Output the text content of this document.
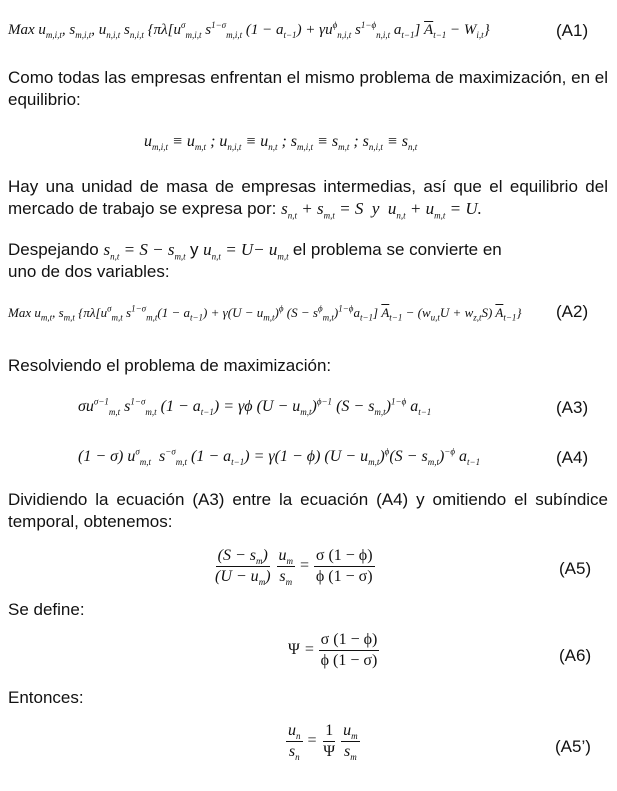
Max $u_{m,i,t}$, $s_{m,i,t}$, $u_{n,i,t}$ $s_{n,i,t}$ {$\pi\lambda[u^\sigma_{m,i,t}$ $s^{1-\sigma}_{m,i,t}$ $(1 - a_{t-1}) + \gamma u^\phi_{n,i,t}$ $s^{1-\phi}_{n,i,t}$ $a_{t-1}$] $\overline{A}_{t-1} - W_{i,t}$}	(A1)
Como todas las empresas enfrentan el mismo problema de maximización, en el equilibrio:
$u_{m,i,t} \equiv u_{m,t}$ ; $u_{n,i,t} \equiv u_{n,t}$ ; $s_{m,i,t} \equiv s_{m,t}$ ; $s_{n,i,t} \equiv s_{n,t}$
Hay una unidad de masa de empresas intermedias, así que el equilibrio del mercado de trabajo se expresa por: $s_{n,t} + s_{m,t} = S$  y  $u_{n,t} + u_{m,t} = U$.
Despejando $s_{n,t} = S - s_{m,t}$ y $u_{n,t} = U- u_{m,t}$ el problema se convierte en
uno de dos variables:
Max $u_{m,t}$, $s_{m,t}$ {$\pi\lambda[u^\sigma_{m,t}$ $s^{1-\sigma}_{m,t}(1 - a_{t-1}) + \gamma(U - u_{m,t})^\phi$ $(S - s^\phi_{m,t})^{1-\phi}a_{t-1}$] $\overline{A}_{t-1} - (w_{u,t}U + w_{z,t}S)$ $\overline{A}_{t-1}$} (A2)
Resolviendo el problema de maximización:
$\sigma u^{\sigma-1}_{m,t}$ $s^{1-\sigma}_{m,t}$ $(1 - a_{t-1}) = \gamma\phi$ $(U - u_{m,t})^{\phi-1}$ $(S - s_{m,t})^{1-\phi}$ $a_{t-1}$	(A3)
(1 − σ) $u^\sigma_{m,t}$  $s^{-\sigma}_{m,t}$ $(1 - a_{t-1}) = \gamma(1 - \phi)$ $(U - u_{m,t})^\phi(S - s_{m,t})^{-\phi}$ $a_{t-1}$	(A4)
Dividiendo la ecuación (A3) entre la ecuación (A4) y omitiendo el subíndice temporal, obtenemos:
$\frac{(S - s_m)}{(U - u_m)}$
$\frac{u_m}{s_m} = \frac{\sigma (1 - \phi)}{\phi (1 - \sigma)}$	(A5)
Se define:
$\Psi = \frac{\sigma (1 - \phi)}{\phi (1 - \sigma)}$	(A6)
Entonces:
$\frac{u_n}{s_n} = \frac{1}{\Psi}$
$\frac{u_m}{s_m}$	(A5’)
